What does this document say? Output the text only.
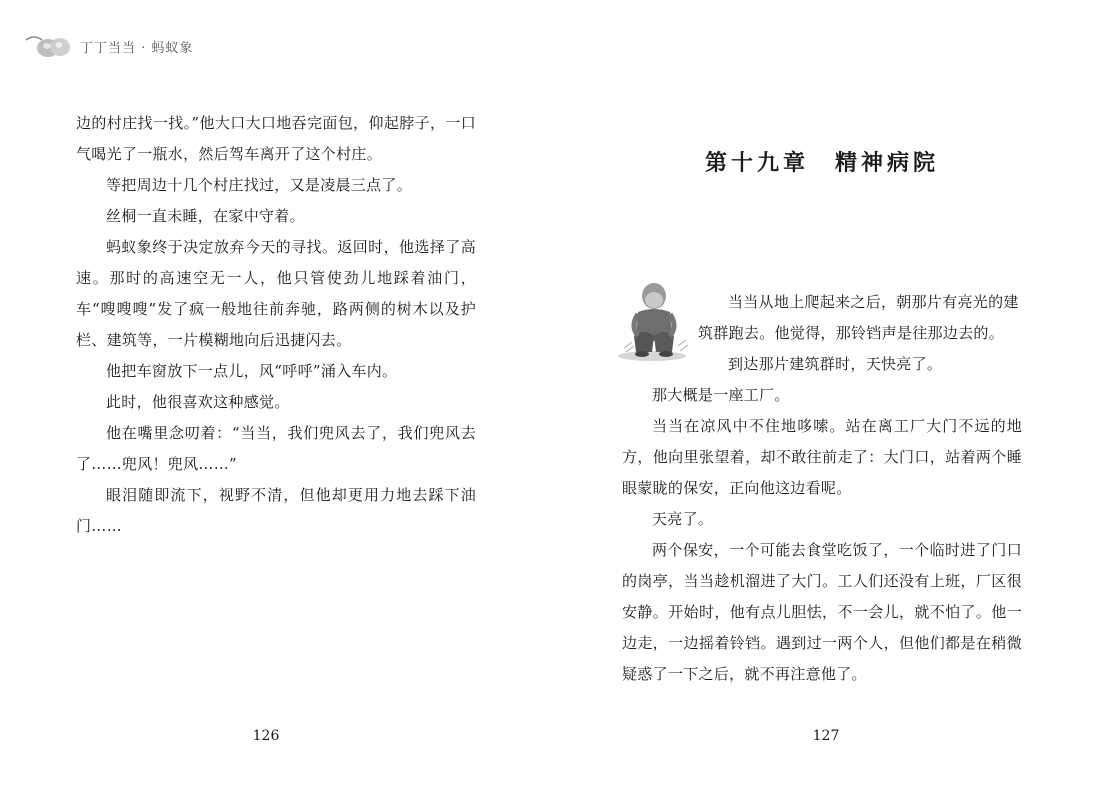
丁丁当当 · 蚂蚁象

边的村庄找一找。”他大口大口地吞完面包，仰起脖子，一口气喝光了一瓶水，然后驾车离开了这个村庄。

等把周边十几个村庄找过，又是凌晨三点了。

丝桐一直未睡，在家中守着。

蚂蚁象终于决定放弃今天的寻找。返回时，他选择了高速。那时的高速空无一人，他只管使劲儿地踩着油门，车“嗖嗖嗖”发了疯一般地往前奔驰，路两侧的树木以及护栏、建筑等，一片模糊地向后迅捷闪去。

他把车窗放下一点儿，风“呼呼”涌入车内。

此时，他很喜欢这种感觉。

他在嘴里念叨着：“当当，我们兜风去了，我们兜风去了……兜风！兜风……”

眼泪随即流下，视野不清，但他却更用力地去踩下油门……

126
第十九章　精神病院

当当从地上爬起来之后，朝那片有亮光的建

筑群跑去。他觉得，那铃铛声是往那边去的。

到达那片建筑群时，天快亮了。

那大概是一座工厂。

当当在凉风中不住地哆嗦。站在离工厂大门不远的地方，他向里张望着，却不敢往前走了：大门口，站着两个睡眼蒙眬的保安，正向他这边看呢。

天亮了。

两个保安，一个可能去食堂吃饭了，一个临时进了门口的岗亭，当当趁机溜进了大门。工人们还没有上班，厂区很安静。开始时，他有点儿胆怯，不一会儿，就不怕了。他一边走，一边摇着铃铛。遇到过一两个人，但他们都是在稍微疑惑了一下之后，就不再注意他了。

127
